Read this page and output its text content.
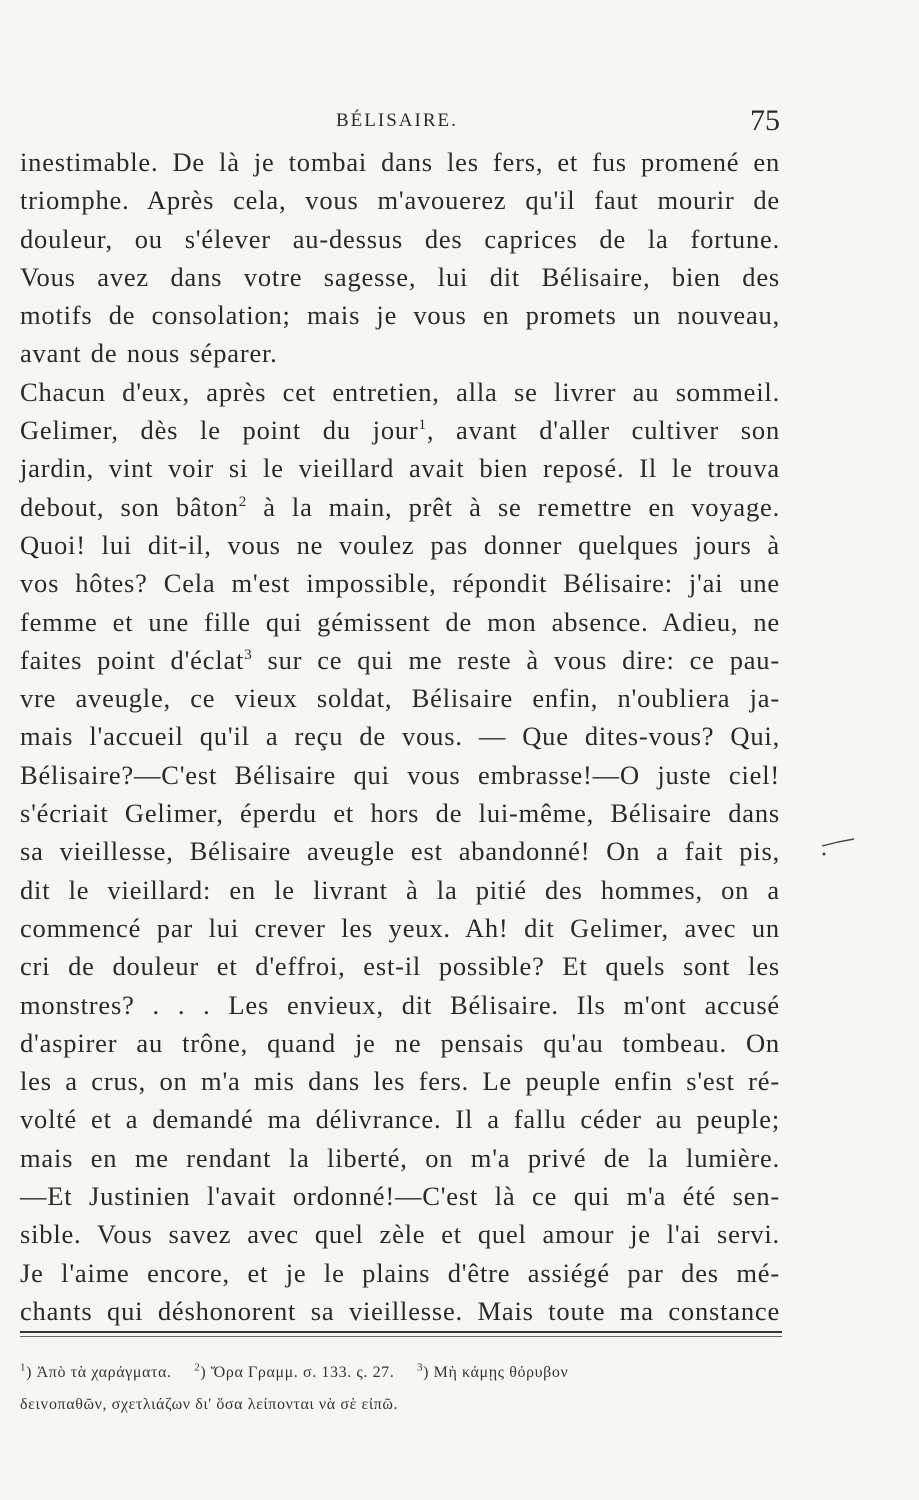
BÉLISAIRE.	75
inestimable. De là je tombai dans les fers, et fus promené en
triomphe. Après cela, vous m'avouerez qu'il faut mourir de
douleur, ou s'élever au-dessus des caprices de la fortune.
Vous avez dans votre sagesse, lui dit Bélisaire, bien des
motifs de consolation; mais je vous en promets un nouveau,
avant de nous séparer.
Chacun d'eux, après cet entretien, alla se livrer au sommeil.
Gelimer, dès le point du jour$^1$, avant d'aller cultiver son
jardin, vint voir si le vieillard avait bien reposé. Il le trouva
debout, son bâton$^2$ à la main, prêt à se remettre en voyage.
Quoi! lui dit-il, vous ne voulez pas donner quelques jours à
vos hôtes? Cela m'est impossible, répondit Bélisaire: j'ai une
femme et une fille qui gémissent de mon absence. Adieu, ne
faites point d'éclat$^3$ sur ce qui me reste à vous dire: ce pau-
vre aveugle, ce vieux soldat, Bélisaire enfin, n'oubliera ja-
mais l'accueil qu'il a reçu de vous. — Que dites-vous? Qui,
Bélisaire?—C'est Bélisaire qui vous embrasse!—O juste ciel!
s'écriait Gelimer, éperdu et hors de lui-même, Bélisaire dans
sa vieillesse, Bélisaire aveugle est abandonné! On a fait pis,
dit le vieillard: en le livrant à la pitié des hommes, on a
commencé par lui crever les yeux. Ah! dit Gelimer, avec un
cri de douleur et d'effroi, est-il possible? Et quels sont les
monstres? . . . Les envieux, dit Bélisaire. Ils m'ont accusé
d'aspirer au trône, quand je ne pensais qu'au tombeau. On
les a crus, on m'a mis dans les fers. Le peuple enfin s'est ré-
volté et a demandé ma délivrance. Il a fallu céder au peuple;
mais en me rendant la liberté, on m'a privé de la lumière.
—Et Justinien l'avait ordonné!—C'est là ce qui m'a été sen-
sible. Vous savez avec quel zèle et quel amour je l'ai servi.
Je l'aime encore, et je le plains d'être assiégé par des mé-
chants qui déshonorent sa vieillesse. Mais toute ma constance
$^1$) Ἀπὸ τὰ χαράγματα. $^2$) Ὅρα Γραμμ. σ. 133. ς. 27. $^3$) Μὴ κάμῃς θόρυβον
δειvoπαθῶν, σχετλιάζων δι' ὅσα λείπονται νὰ σὲ εἰπῶ.
